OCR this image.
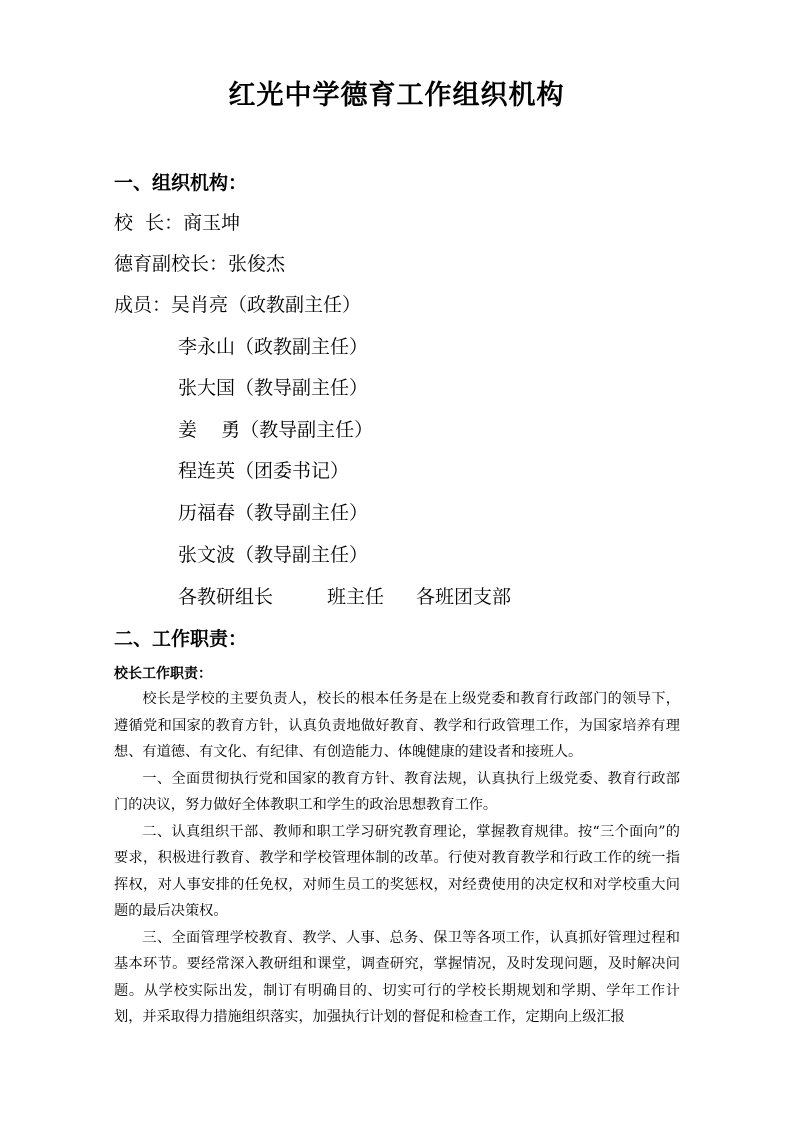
红光中学德育工作组织机构
一、组织机构：
校  长：商玉坤
德育副校长：张俊杰
成员：吴肖亮（政教副主任）
李永山（政教副主任）
张大国（教导副主任）
姜    勇（教导副主任）
程连英（团委书记）
历福春（教导副主任）
张文波（教导副主任）
各教研组长	班主任 各班团支部
二、工作职责：
校长工作职责：

校长是学校的主要负责人，校长的根本任务是在上级党委和教育行政部门的领导下，遵循党和国家的教育方针，认真负责地做好教育、教学和行政管理工作，为国家培养有理想、有道德、有文化、有纪律、有创造能力、体魄健康的建设者和接班人。

一、全面贯彻执行党和国家的教育方针、教育法规，认真执行上级党委、教育行政部门的决议，努力做好全体教职工和学生的政治思想教育工作。

二、认真组织干部、教师和职工学习研究教育理论，掌握教育规律。按“三个面向”的要求，积极进行教育、教学和学校管理体制的改革。行使对教育教学和行政工作的统一指挥权，对人事安排的任免权，对师生员工的奖惩权，对经费使用的决定权和对学校重大问题的最后决策权。

三、全面管理学校教育、教学、人事、总务、保卫等各项工作，认真抓好管理过程和基本环节。要经常深入教研组和课堂，调查研究，掌握情况，及时发现问题，及时解决问题。从学校实际出发，制订有明确目的、切实可行的学校长期规划和学期、学年工作计划，并采取得力措施组织落实，加强执行计划的督促和检查工作，定期向上级汇报
